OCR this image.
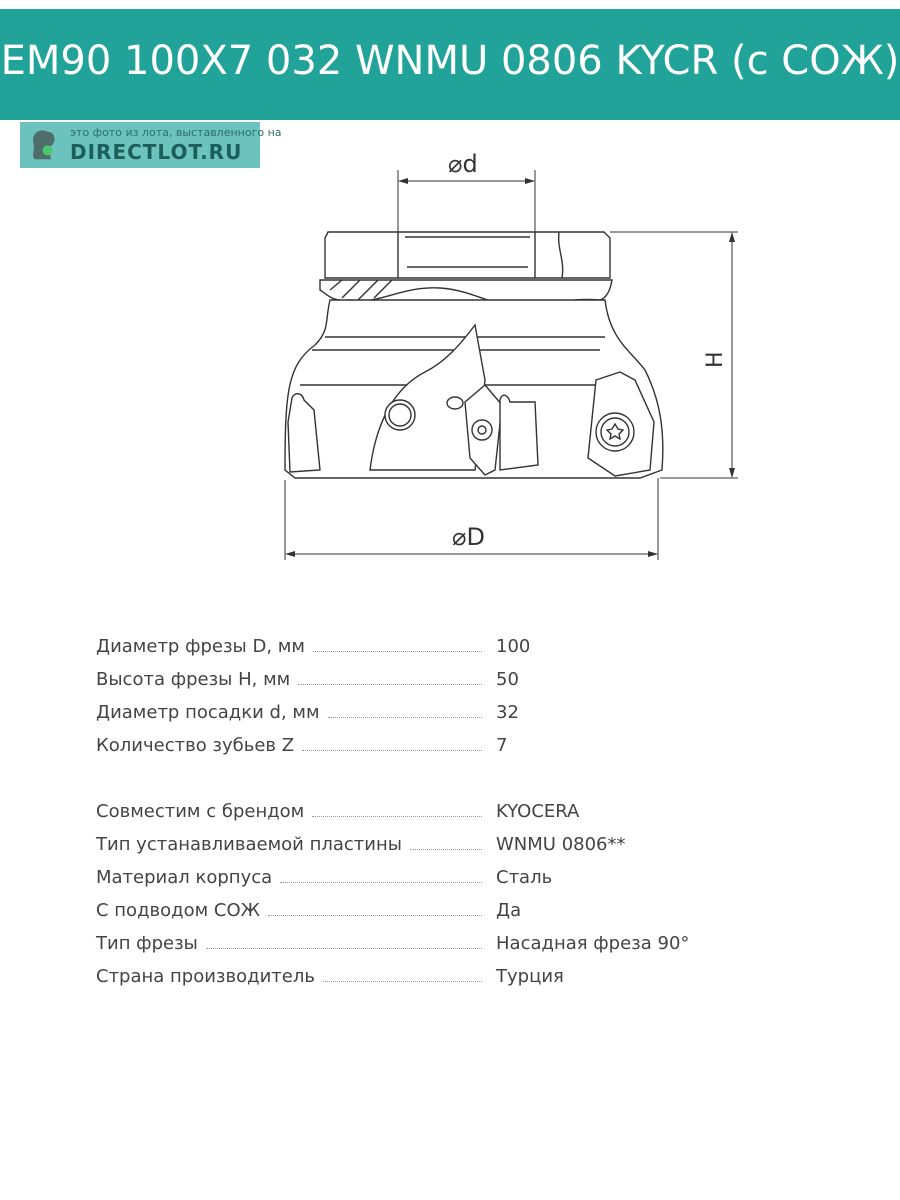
EM90 100X7 032 WNMU 0806 KYCR (с СОЖ)
это фото из лота, выставленного на
DIRECTLOT.RU	⌀d
⌀D
H
Диаметр фрезы D, мм	100
Высота фрезы H, мм	50
Диаметр посадки d, мм	32
Количество зубьев Z	7
Совместим с брендом	KYOCERA
Тип устанавливаемой пластины	WNMU 0806**
Материал корпуса	Сталь
С подводом СОЖ	Да
Тип фрезы	Насадная фреза 90°
Страна производитель	Турция
